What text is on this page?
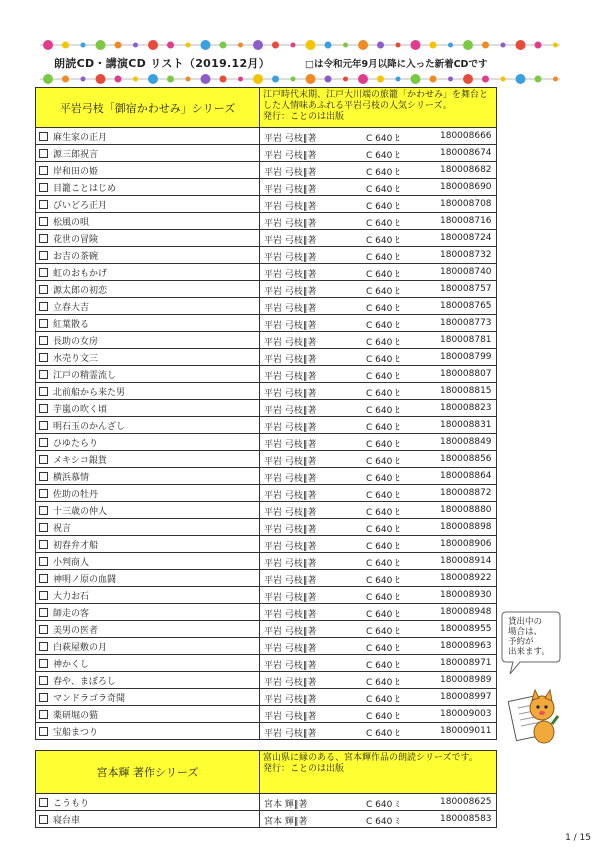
朗読CD・講演CD リスト（2019.12月）	□は令和元年9月以降に入った新着CDです
平岩弓枝「御宿かわせみ」シリーズ	江戸時代末期、江戸大川端の旅籠「かわせみ」を舞台とした人情味あふれる平岩弓枝の人気シリーズ。
発行：ことのは出版

麻生家の正月	平岩 弓枝‖著 C 640 ﾋ 180008666

源三郎祝言	平岩 弓枝‖著 C 640 ﾋ 180008674

岸和田の姫	平岩 弓枝‖著 C 640 ﾋ 180008682

目籠ことはじめ	平岩 弓枝‖著 C 640 ﾋ 180008690

びいどろ正月	平岩 弓枝‖著 C 640 ﾋ 180008708

松風の唄	平岩 弓枝‖著 C 640 ﾋ 180008716

花世の冒険	平岩 弓枝‖著 C 640 ﾋ 180008724

お吉の茶碗	平岩 弓枝‖著 C 640 ﾋ 180008732

虹のおもかげ	平岩 弓枝‖著 C 640 ﾋ 180008740

源太郎の初恋	平岩 弓枝‖著 C 640 ﾋ 180008757

立春大吉	平岩 弓枝‖著 C 640 ﾋ 180008765

紅葉散る	平岩 弓枝‖著 C 640 ﾋ 180008773

長助の女房	平岩 弓枝‖著 C 640 ﾋ 180008781

水売り文三	平岩 弓枝‖著 C 640 ﾋ 180008799

江戸の精霊流し	平岩 弓枝‖著 C 640 ﾋ 180008807

北前船から来た男	平岩 弓枝‖著 C 640 ﾋ 180008815

芋嵐の吹く頃	平岩 弓枝‖著 C 640 ﾋ 180008823

明石玉のかんざし	平岩 弓枝‖著 C 640 ﾋ 180008831

ひゆたらり	平岩 弓枝‖著 C 640 ﾋ 180008849

メキシコ銀貨	平岩 弓枝‖著 C 640 ﾋ 180008856

横浜慕情	平岩 弓枝‖著 C 640 ﾋ 180008864

佐助の牡丹	平岩 弓枝‖著 C 640 ﾋ 180008872

十三歳の仲人	平岩 弓枝‖著 C 640 ﾋ 180008880

祝言	平岩 弓枝‖著 C 640 ﾋ 180008898

初春弁才船	平岩 弓枝‖著 C 640 ﾋ 180008906

小判商人	平岩 弓枝‖著 C 640 ﾋ 180008914

神明ノ原の血闘	平岩 弓枝‖著 C 640 ﾋ 180008922

大力お石	平岩 弓枝‖著 C 640 ﾋ 180008930

師走の客	平岩 弓枝‖著 C 640 ﾋ 180008948

美男の医者	平岩 弓枝‖著 C 640 ﾋ 180008955

白萩屋敷の月	平岩 弓枝‖著 C 640 ﾋ 180008963

神かくし	平岩 弓枝‖著 C 640 ﾋ 180008971

春や、まぼろし	平岩 弓枝‖著 C 640 ﾋ 180008989

マンドラゴラ奇聞	平岩 弓枝‖著 C 640 ﾋ 180008997

薬研堀の猫	平岩 弓枝‖著 C 640 ﾋ 180009003

宝船まつり	平岩 弓枝‖著 C 640 ﾋ 180009011
宮本輝 著作シリーズ	富山県に縁のある、宮本輝作品の朗読シリーズです。
発行：ことのは出版

こうもり	宮本 輝‖著 C 640 ﾐ 180008625

寝台車	宮本 輝‖著 C 640 ﾐ 180008583
貸出中の場合は、予約が出来ます。
1 / 15
